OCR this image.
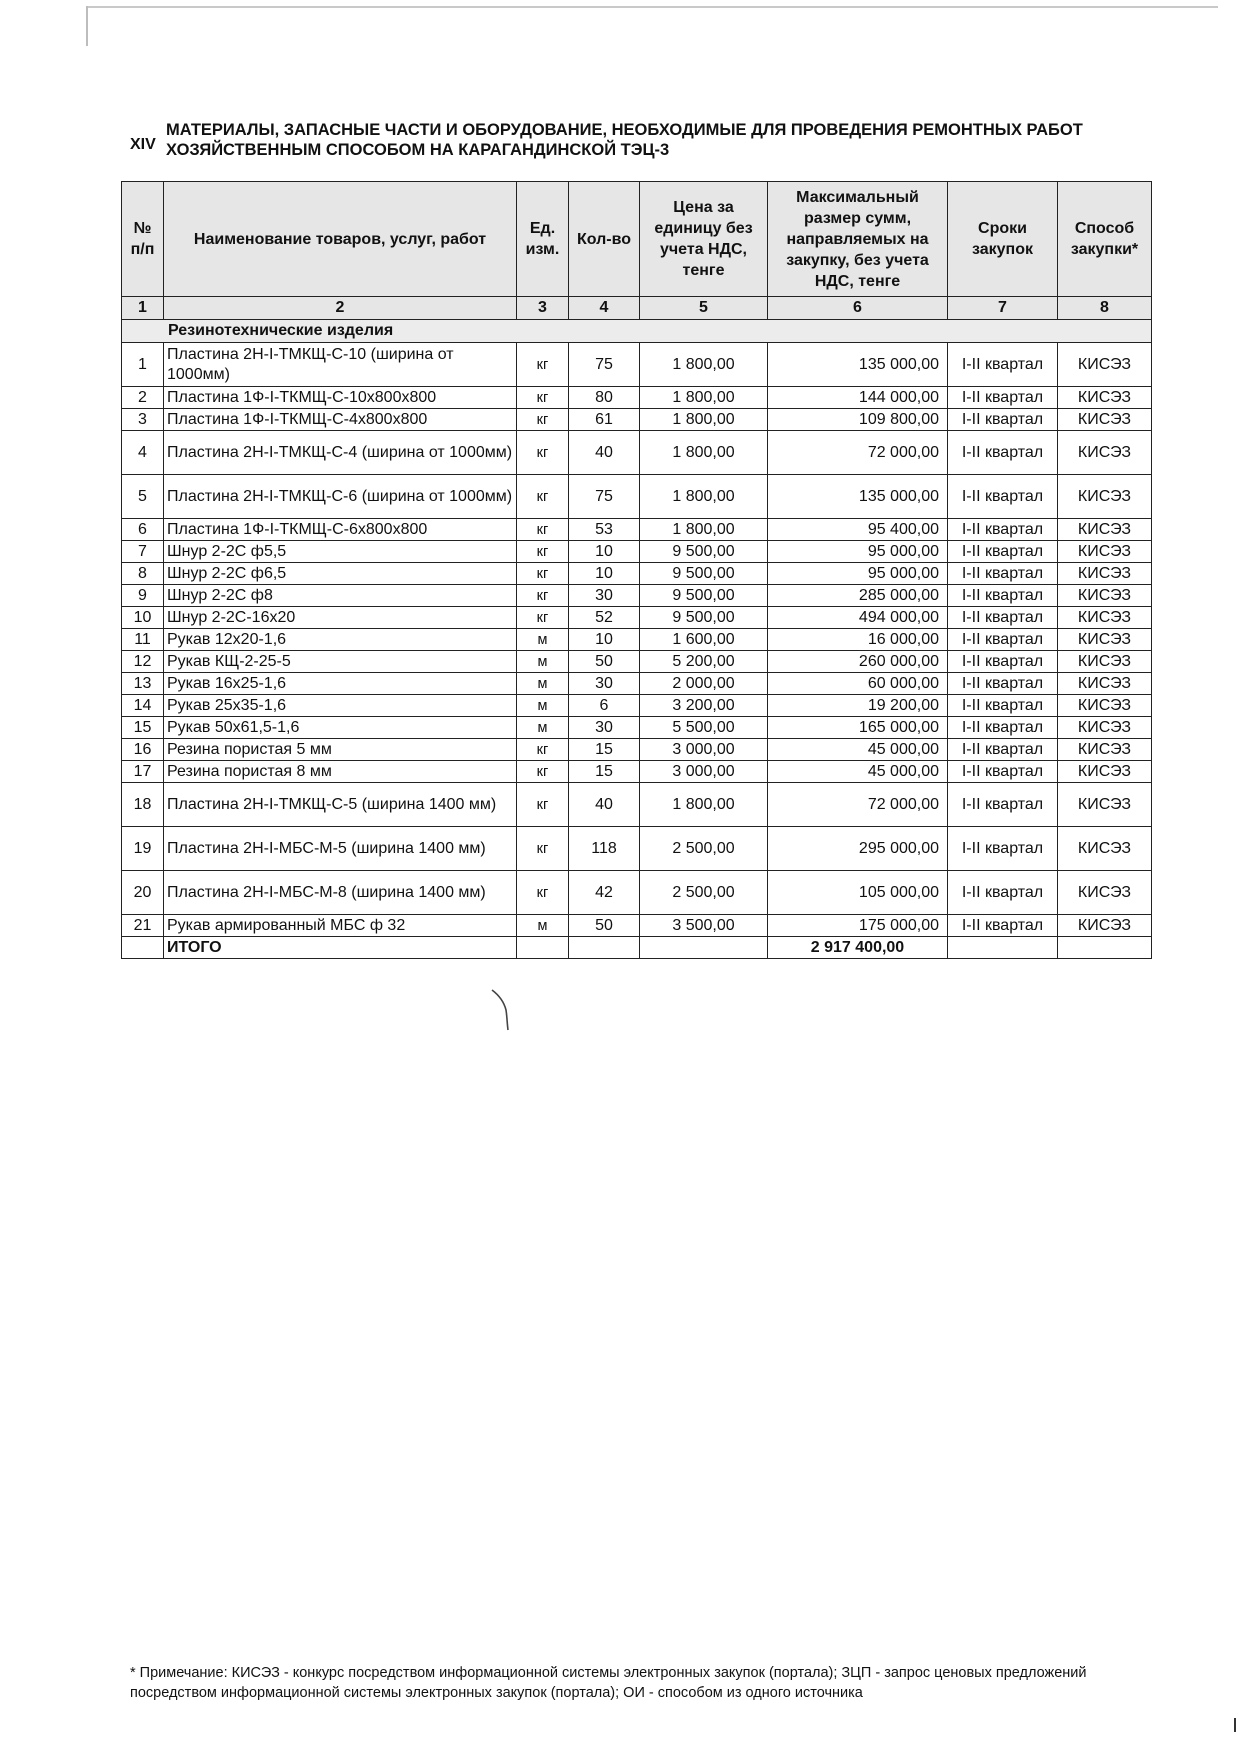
XIV
МАТЕРИАЛЫ, ЗАПАСНЫЕ ЧАСТИ И ОБОРУДОВАНИЕ, НЕОБХОДИМЫЕ ДЛЯ ПРОВЕДЕНИЯ РЕМОНТНЫХ РАБОТ ХОЗЯЙСТВЕННЫМ СПОСОБОМ НА КАРАГАНДИНСКОЙ ТЭЦ-3
№ п/п	Наименование товаров, услуг, работ	Ед. изм.	Кол-во	Цена за единицу без учета НДС, тенге	Максимальный размер сумм, направляемых на закупку, без учета НДС, тенге	Сроки закупок	Способ закупки*
1	2	3	4	5	6	7	8
Резинотехнические изделия							
1	Пластина 2Н-I-ТМКЩ-С-10 (ширина от 1000мм)	кг	75	1 800,00	135 000,00	I-II квартал	КИСЭЗ
2	Пластина 1Ф-I-ТКМЩ-С-10х800х800	кг	80	1 800,00	144 000,00	I-II квартал	КИСЭЗ
3	Пластина 1Ф-I-ТКМЩ-С-4х800х800	кг	61	1 800,00	109 800,00	I-II квартал	КИСЭЗ
4	Пластина 2Н-I-ТМКЩ-С-4 (ширина от 1000мм)	кг	40	1 800,00	72 000,00	I-II квартал	КИСЭЗ
5	Пластина 2Н-I-ТМКЩ-С-6 (ширина от 1000мм)	кг	75	1 800,00	135 000,00	I-II квартал	КИСЭЗ
6	Пластина 1Ф-I-ТКМЩ-С-6х800х800	кг	53	1 800,00	95 400,00	I-II квартал	КИСЭЗ
7	Шнур 2-2С ф5,5	кг	10	9 500,00	95 000,00	I-II квартал	КИСЭЗ
8	Шнур 2-2С ф6,5	кг	10	9 500,00	95 000,00	I-II квартал	КИСЭЗ
9	Шнур 2-2С ф8	кг	30	9 500,00	285 000,00	I-II квартал	КИСЭЗ
10	Шнур 2-2С-16х20	кг	52	9 500,00	494 000,00	I-II квартал	КИСЭЗ
11	Рукав 12х20-1,6	м	10	1 600,00	16 000,00	I-II квартал	КИСЭЗ
12	Рукав КЩ-2-25-5	м	50	5 200,00	260 000,00	I-II квартал	КИСЭЗ
13	Рукав 16х25-1,6	м	30	2 000,00	60 000,00	I-II квартал	КИСЭЗ
14	Рукав 25х35-1,6	м	6	3 200,00	19 200,00	I-II квартал	КИСЭЗ
15	Рукав 50х61,5-1,6	м	30	5 500,00	165 000,00	I-II квартал	КИСЭЗ
16	Резина пористая 5 мм	кг	15	3 000,00	45 000,00	I-II квартал	КИСЭЗ
17	Резина пористая 8 мм	кг	15	3 000,00	45 000,00	I-II квартал	КИСЭЗ
18	Пластина 2Н-I-ТМКЩ-С-5 (ширина 1400 мм)	кг	40	1 800,00	72 000,00	I-II квартал	КИСЭЗ
19	Пластина 2Н-I-МБС-М-5 (ширина 1400 мм)	кг	118	2 500,00	295 000,00	I-II квартал	КИСЭЗ
20	Пластина 2Н-I-МБС-М-8 (ширина 1400 мм)	кг	42	2 500,00	105 000,00	I-II квартал	КИСЭЗ
21	Рукав армированный МБС ф 32	м	50	3 500,00	175 000,00	I-II квартал	КИСЭЗ
	ИТОГО				2 917 400,00		
* Примечание: КИСЭЗ - конкурс посредством информационной системы электронных закупок (портала); ЗЦП - запрос ценовых предложений посредством информационной системы электронных закупок (портала); ОИ - способом из одного источника
